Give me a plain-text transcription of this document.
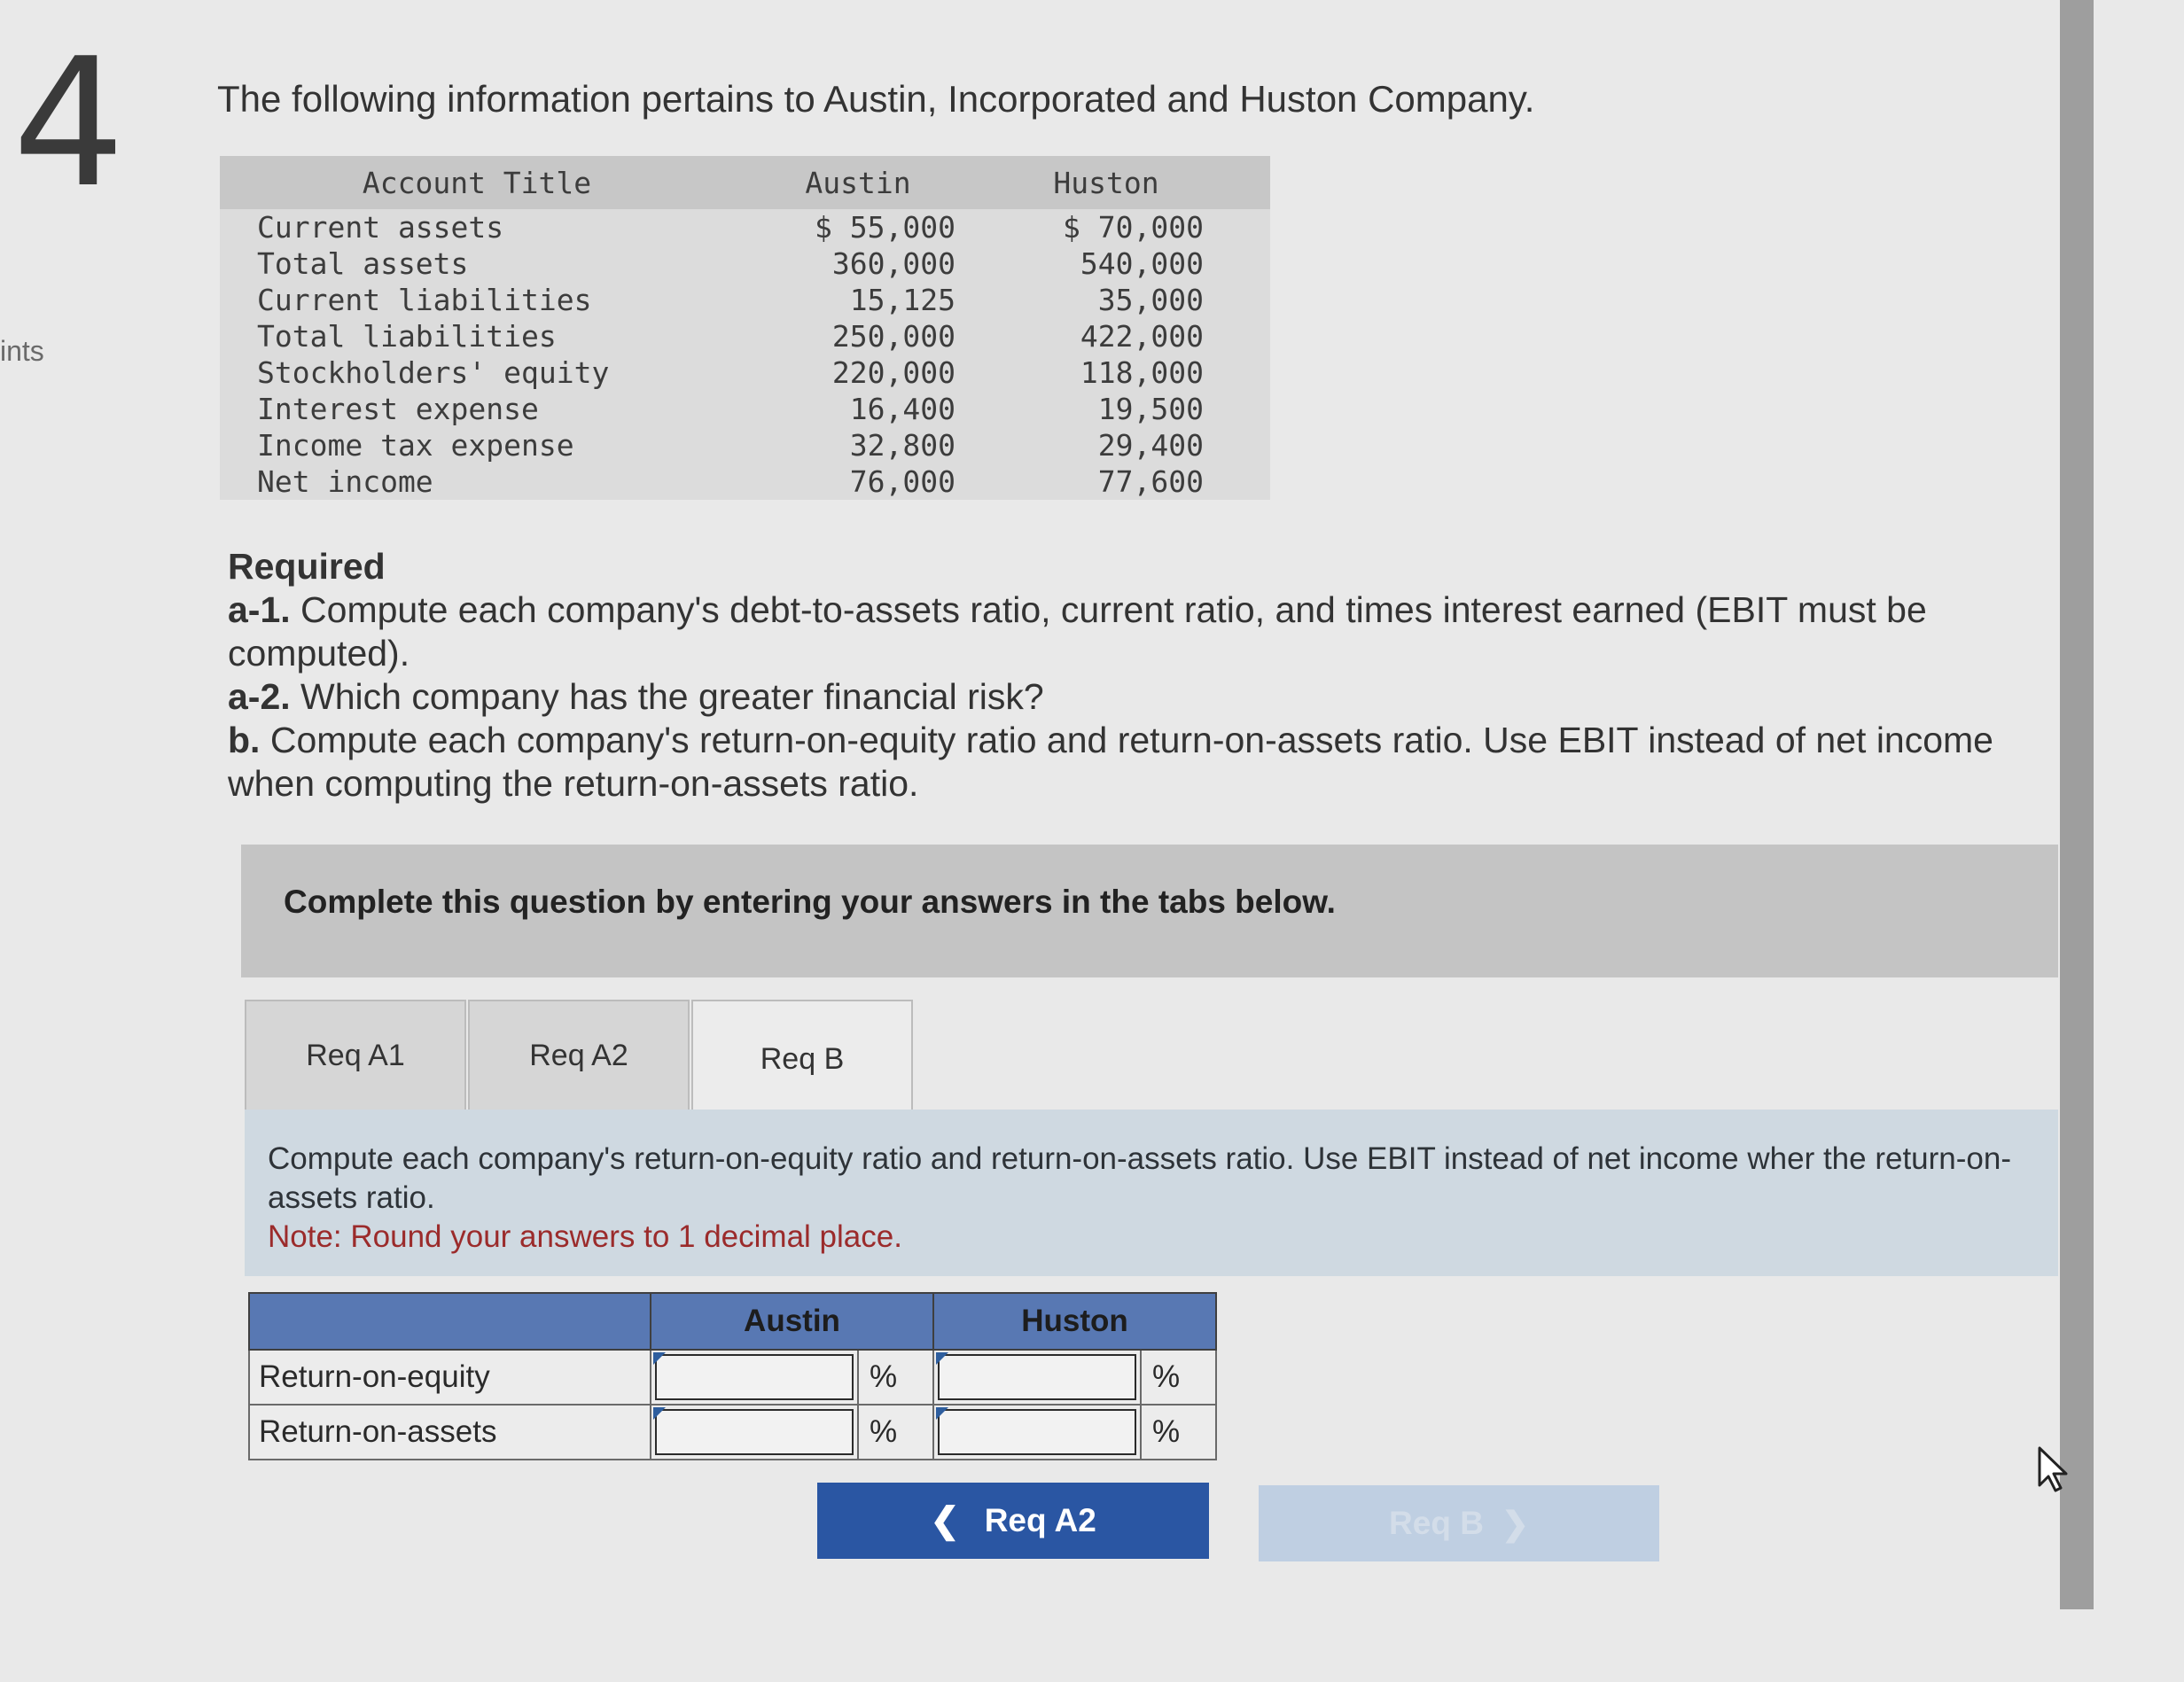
4
ints
The following information pertains to Austin, Incorporated and Huston Company.
Account Title	Austin	Huston
Current assets	$ 55,000	$ 70,000
Total assets	360,000	540,000
Current liabilities	15,125	35,000
Total liabilities	250,000	422,000
Stockholders' equity	220,000	118,000
Interest expense	16,400	19,500
Income tax expense	32,800	29,400
Net income	76,000	77,600
Required
a-1. Compute each company's debt-to-assets ratio, current ratio, and times interest earned (EBIT must be computed).
a-2. Which company has the greater financial risk?
b. Compute each company's return-on-equity ratio and return-on-assets ratio. Use EBIT instead of net income when computing the return-on-assets ratio.
Complete this question by entering your answers in the tabs below.
Req A1	Req A2	Req B
Compute each company's return-on-equity ratio and return-on-assets ratio. Use EBIT instead of net income wher the return-on-assets ratio.
Note: Round your answers to 1 decimal place.
	Austin		Huston	
Return-on-equity		%		%
Return-on-assets		%		%
❮ Req A2	Req B ❯
